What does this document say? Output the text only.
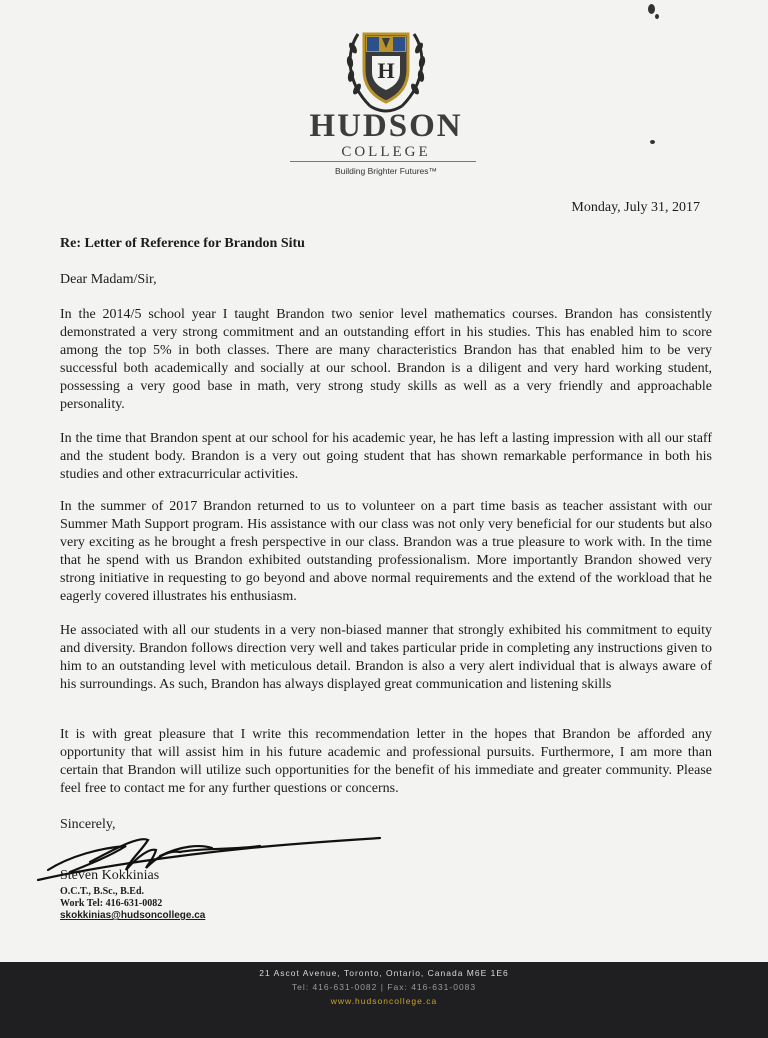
H
HUDSON
COLLEGE
Building Brighter Futures™
Monday, July 31, 2017
Re: Letter of Reference for Brandon Situ
Dear Madam/Sir,
In the 2014/5 school year I taught Brandon two senior level mathematics courses. Brandon has consistently demonstrated a very strong commitment and an outstanding effort in his studies. This has enabled him to score among the top 5% in both classes. There are many characteristics Brandon has that enabled him to be very successful both academically and socially at our school. Brandon is a diligent and very hard working student, possessing a very good base in math, very strong study skills as well as a very friendly and approachable personality.
In the time that Brandon spent at our school for his academic year, he has left a lasting impression with all our staff and the student body. Brandon is a very out going student that has shown remarkable performance in both his studies and other extracurricular activities.
In the summer of 2017 Brandon returned to us to volunteer on a part time basis as teacher assistant with our Summer Math Support program. His assistance with our class was not only very beneficial for our students but also very exciting as he brought a fresh perspective in our class. Brandon was a true pleasure to work with. In the time that he spend with us Brandon exhibited outstanding professionalism. More importantly Brandon showed very strong initiative in requesting to go beyond and above normal requirements and the extend of the workload that he eagerly covered illustrates his enthusiasm.
He associated with all our students in a very non-biased manner that strongly exhibited his commitment to equity and diversity. Brandon follows direction very well and takes particular pride in completing any instructions given to him to an outstanding level with meticulous detail. Brandon is also a very alert individual that is always aware of his surroundings. As such, Brandon has always displayed great communication and listening skills
It is with great pleasure that I write this recommendation letter in the hopes that Brandon be afforded any opportunity that will assist him in his future academic and professional pursuits. Furthermore, I am more than certain that Brandon will utilize such opportunities for the benefit of his immediate and greater community. Please feel free to contact me for any further questions or concerns.
Sincerely,
Steven Kokkinias
O.C.T., B.Sc., B.Ed.
Work Tel: 416-631-0082
skokkinias@hudsoncollege.ca
21 Ascot Avenue, Toronto, Ontario, Canada M6E 1E6
Tel: 416-631-0082 | Fax: 416-631-0083
www.hudsoncollege.ca
